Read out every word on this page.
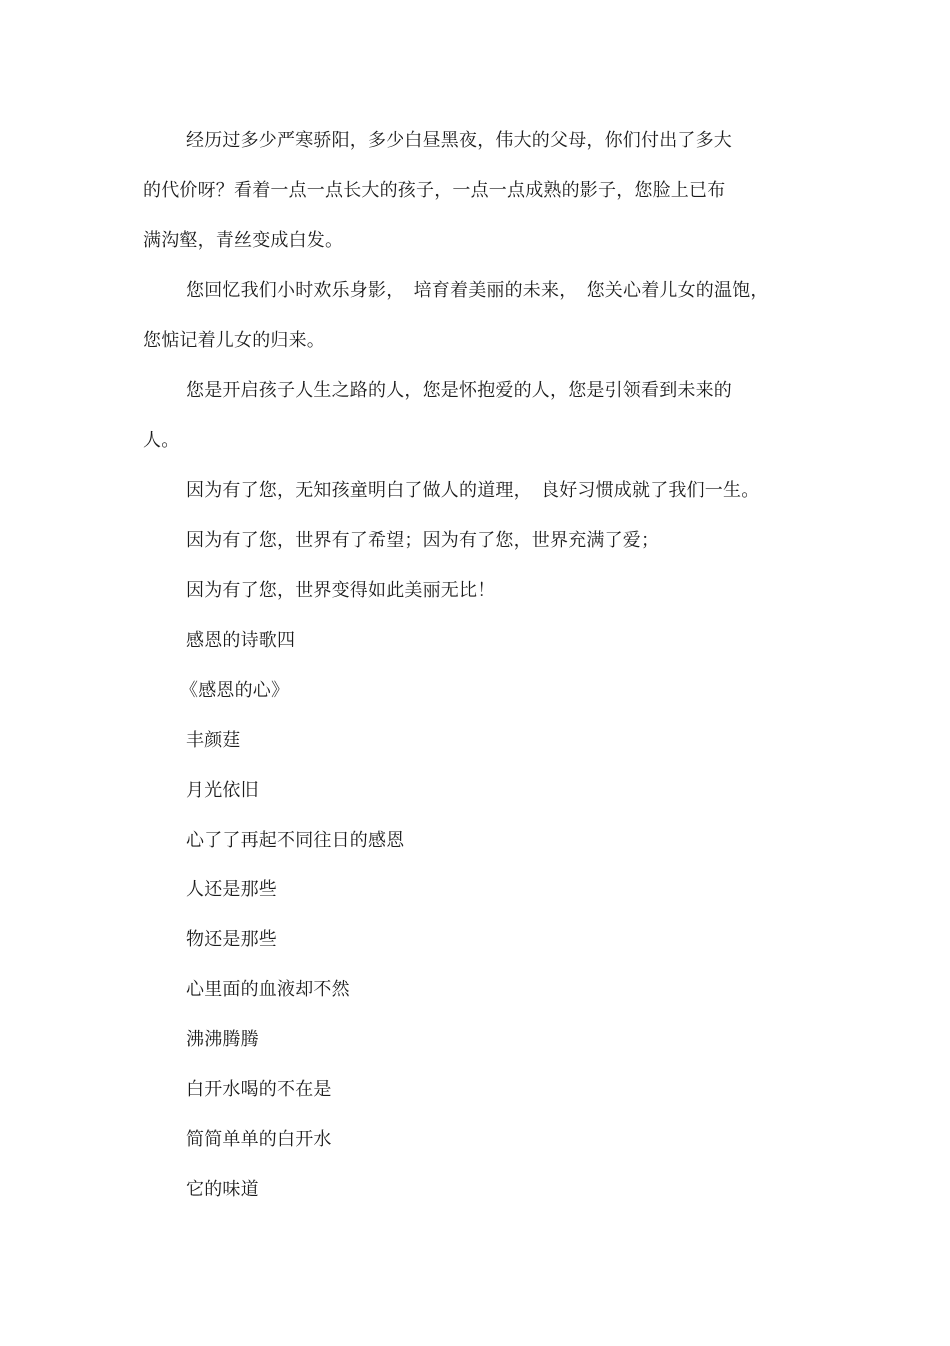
经历过多少严寒骄阳，多少白昼黑夜，伟大的父母，你们付出了多大
的代价呀？看着一点一点长大的孩子，一点一点成熟的影子，您脸上已布
满沟壑，青丝变成白发。
您回忆我们小时欢乐身影，　培育着美丽的未来，　您关心着儿女的温饱，
您惦记着儿女的归来。
您是开启孩子人生之路的人，您是怀抱爱的人，您是引领看到未来的
人。
因为有了您，无知孩童明白了做人的道理，　良好习惯成就了我们一生。
因为有了您，世界有了希望；因为有了您，世界充满了爱；
因为有了您，世界变得如此美丽无比！
感恩的诗歌四
《感恩的心》
丰颜莛
月光依旧
心了了再起不同往日的感恩
人还是那些
物还是那些
心里面的血液却不然
沸沸腾腾
白开水喝的不在是
简简单单的白开水
它的味道
